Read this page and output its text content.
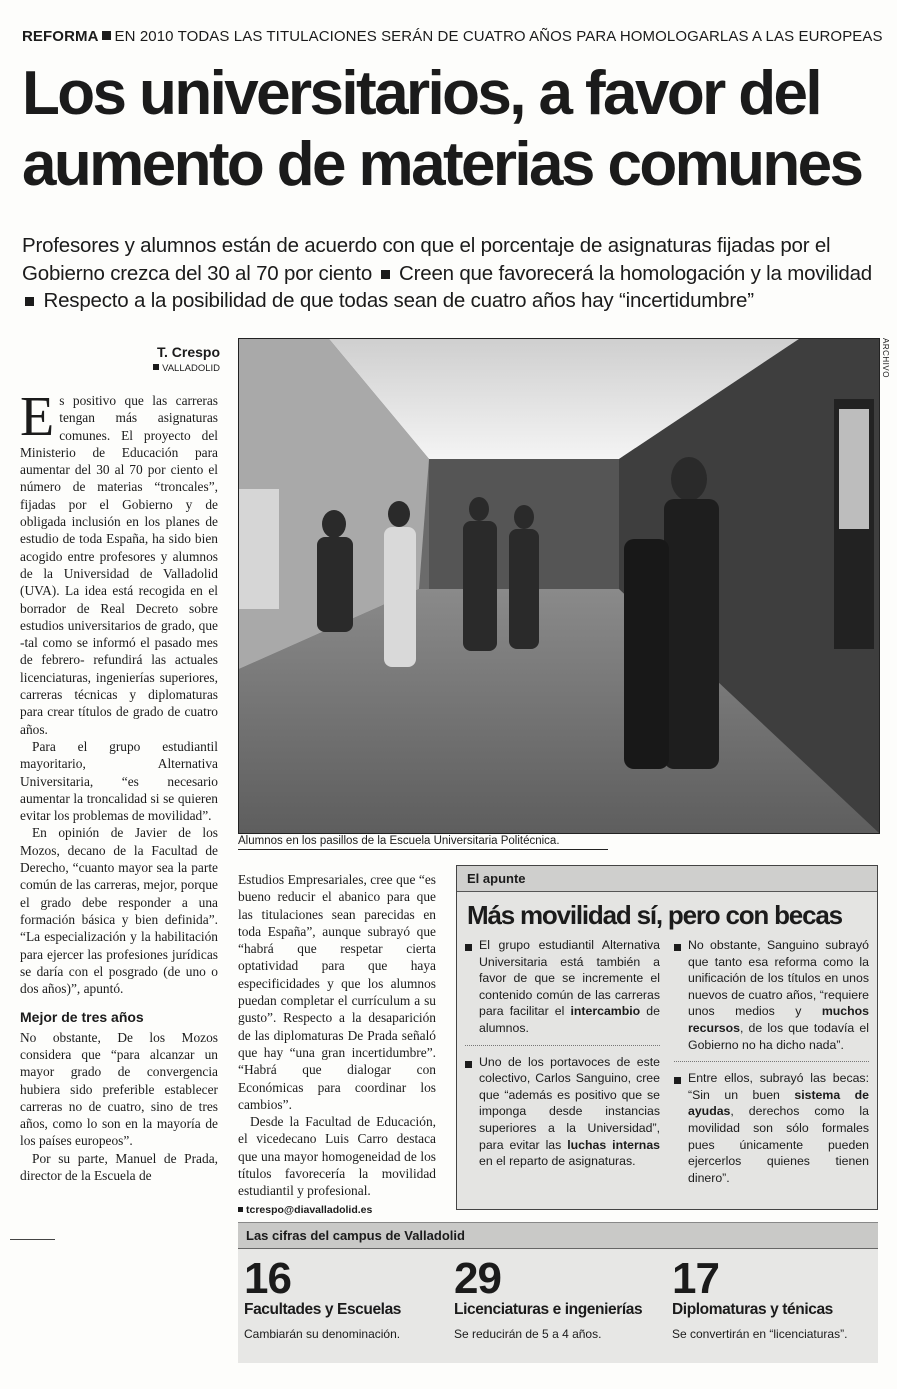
REFORMA EN 2010 TODAS LAS TITULACIONES SERÁN DE CUATRO AÑOS PARA HOMOLOGARLAS A LAS EUROPEAS
Los universitarios, a favor del aumento de materias comunes
Profesores y alumnos están de acuerdo con que el porcentaje de asignaturas fijadas por el Gobierno crezca del 30 al 70 por ciento Creen que favorecerá la homologación y la movilidad  Respecto a la posibilidad de que todas sean de cuatro años hay “incertidumbre”
T. Crespo
VALLADOLID

Es positivo que las carreras tengan más asignaturas comunes. El proyecto del Ministerio de Educación para aumentar del 30 al 70 por ciento el número de materias “troncales”, fijadas por el Gobierno y de obligada inclusión en los planes de estudio de toda España, ha sido bien acogido entre profesores y alumnos de la Universidad de Valladolid (UVA). La idea está recogida en el borrador de Real Decreto sobre estudios universitarios de grado, que -tal como se informó el pasado mes de febrero- refundirá las actuales licenciaturas, ingenierías superiores, carreras técnicas y diplomaturas para crear títulos de grado de cuatro años.

Para el grupo estudiantil mayoritario, Alternativa Universitaria, “es necesario aumentar la troncalidad si se quieren evitar los problemas de movilidad”.

En opinión de Javier de los Mozos, decano de la Facultad de Derecho, “cuanto mayor sea la parte común de las carreras, mejor, porque el grado debe responder a una formación básica y bien definida”. “La especialización y la habilitación para ejercer las profesiones jurídicas se daría con el posgrado (de uno o dos años)”, apuntó.

Mejor de tres años

No obstante, De los Mozos considera que “para alcanzar un mayor grado de convergencia hubiera sido preferible establecer carreras no de cuatro, sino de tres años, como lo son en la mayoría de los países europeos”.

Por su parte, Manuel de Prada, director de la Escuela de

ARCHIVO
Alumnos en los pasillos de la Escuela Universitaria Politécnica.

Estudios Empresariales, cree que “es bueno reducir el abanico para que las titulaciones sean parecidas en toda España”, aunque subrayó que “habrá que respetar cierta optatividad para que haya especificidades y que los alumnos puedan completar el currículum a su gusto”. Respecto a la desaparición de las diplomaturas De Prada señaló que hay “una gran incertidumbre”. “Habrá que dialogar con Económicas para coordinar los cambios”.

Desde la Facultad de Educación, el vicedecano Luis Carro destaca que una mayor homogeneidad de los títulos favorecería la movilidad estudiantil y profesional.

tcrespo@diavalladolid.es
El apunte
Más movilidad sí, pero con becas
El grupo estudiantil Alternativa Universitaria está también a favor de que se incremente el contenido común de las carreras para facilitar el intercambio de alumnos.
Uno de los portavoces de este colectivo, Carlos Sanguino, cree que “además es positivo que se imponga desde instancias superiores a la Universidad”, para evitar las luchas internas en el reparto de asignaturas.
No obstante, Sanguino subrayó que tanto esa reforma como la unificación de los títulos en unos nuevos de cuatro años, “requiere unos medios y muchos recursos, de los que todavía el Gobierno no ha dicho nada”.
Entre ellos, subrayó las becas: “Sin un buen sistema de ayudas, derechos como la movilidad son sólo formales pues únicamente pueden ejercerlos quienes tienen dinero”.
Las cifras del campus de Valladolid
16
Facultades y Escuelas
Cambiarán su denominación.
29
Licenciaturas e ingenierías
Se reducirán de 5 a 4 años.
17
Diplomaturas y ténicas
Se convertirán en “licenciaturas”.
